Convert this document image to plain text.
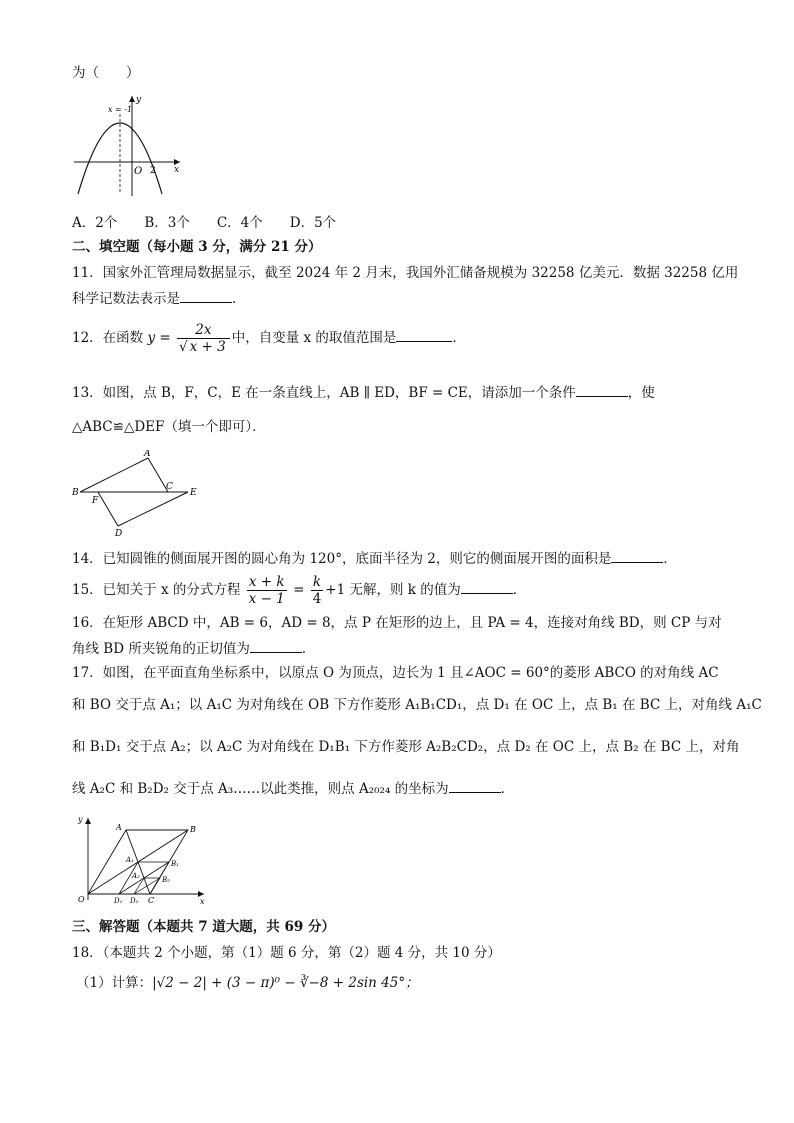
为（　　）
x = -1
y
O 2 x
A．2个　　B．3个　　C．4个　　D．5个
二、填空题（每小题 3 分，满分 21 分）
11．国家外汇管理局数据显示，截至 2024 年 2 月末，我国外汇储备规模为 32258 亿美元．数据 32258 亿用
科学记数法表示是	．
12．在函数 $y = \frac{2x}{√ x + 3}$ 中，自变量 x 的取值范围是	．
13．如图，点 B，F，C，E 在一条直线上，AB ∥ ED，BF = CE，请添加一个条件	，使
△ABC≌△DEF（填一个即可）．
A
B
F
C
E
D
14．已知圆锥的侧面展开图的圆心角为 120°，底面半径为 2，则它的侧面展开图的面积是	．
15．已知关于 x 的分式方程 $\frac{x + k}{x - 1} = \frac{k}{4} +1$ 无解，则 k 的值为	．
16．在矩形 ABCD 中，AB = 6，AD = 8，点 P 在矩形的边上，且 PA = 4，连接对角线 BD，则 CP 与对
角线 BD 所夹锐角的正切值为	．
17．如图，在平面直角坐标系中，以原点 O 为顶点，边长为 1 且∠AOC = 60°的菱形 ABCO 的对角线 AC
和 BO 交于点 A₁；以 A₁C 为对角线在 OB 下方作菱形 A₁B₁CD₁，点 D₁ 在 OC 上，点 B₁ 在 BC 上，对角线 A₁C
和 B₁D₁ 交于点 A₂；以 A₂C 为对角线在 D₁B₁ 下方作菱形 A₂B₂CD₂，点 D₂ 在 OC 上，点 B₂ 在 BC 上，对角
线 A₂C 和 B₂D₂ 交于点 A₃……以此类推，则点 A₂₀₂₄ 的坐标为	．
y
x
O
A	B
A₁	B₁
A₂	B₂
D₁ D₂ C
三、解答题（本题共 7 道大题，共 69 分）
18．（本题共 2 个小题，第（1）题 6 分，第（2）题 4 分，共 10 分）
（1）计算：|√2 − 2| + (3 − π)⁰ − ∛−8 + 2sin 45°；
